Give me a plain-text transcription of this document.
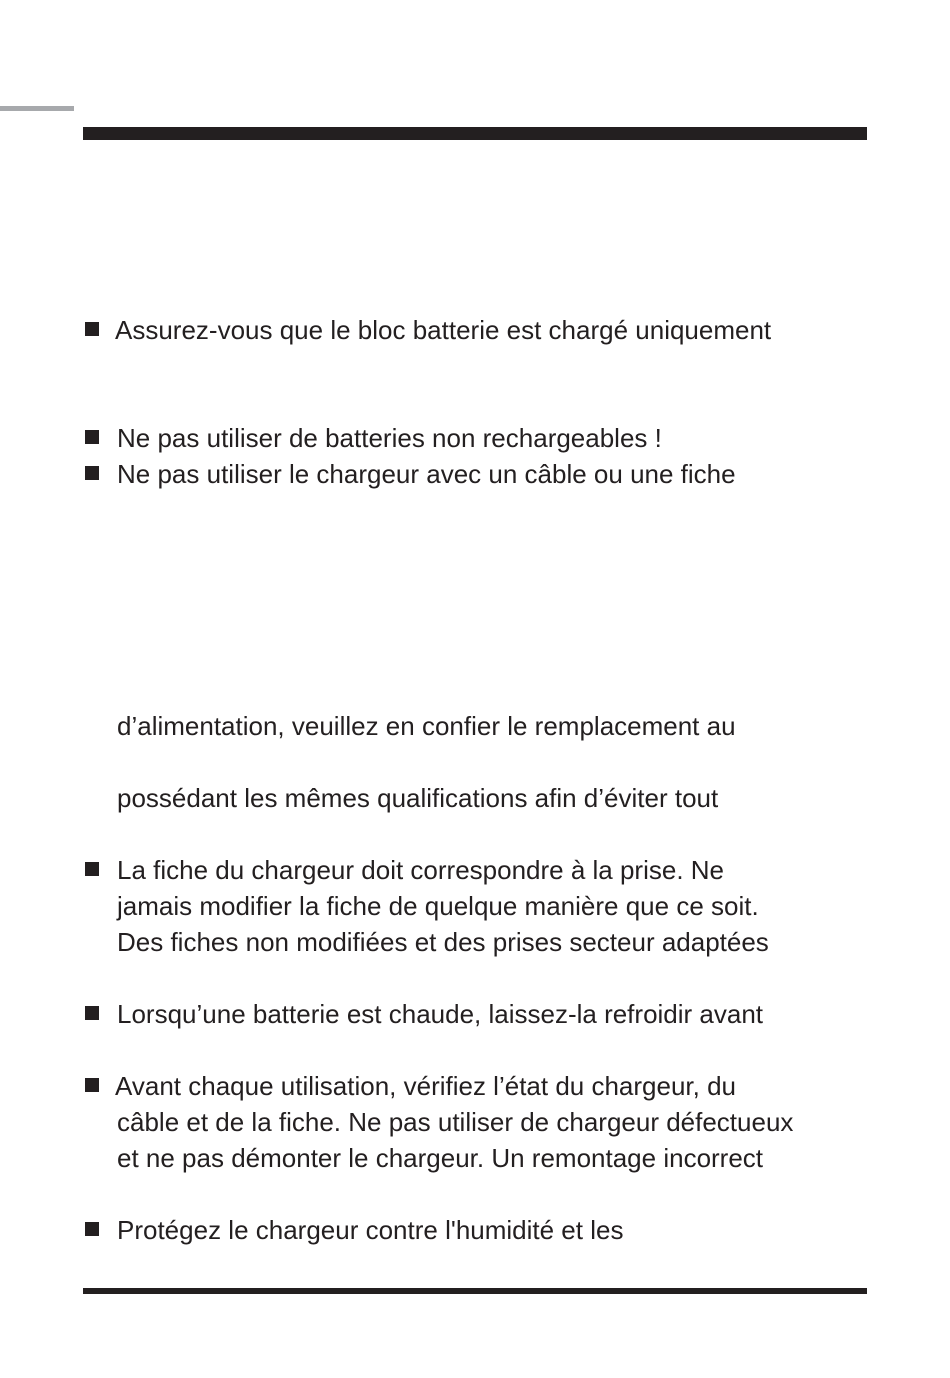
Assurez-vous que le bloc batterie est chargé uniquement
Ne pas utiliser de batteries non rechargeables !
Ne pas utiliser le chargeur avec un câble ou une fiche
d’alimentation, veuillez en confier le remplacement au
possédant les mêmes qualifications afin d’éviter tout
La fiche du chargeur doit correspondre à la prise. Ne
jamais modifier la fiche de quelque manière que ce soit.
Des fiches non modifiées et des prises secteur adaptées
Lorsqu’une batterie est chaude, laissez-la refroidir avant
Avant chaque utilisation, vérifiez l’état du chargeur, du
câble et de la fiche. Ne pas utiliser de chargeur défectueux
et ne pas démonter le chargeur. Un remontage incorrect
Protégez le chargeur contre l'humidité et les
